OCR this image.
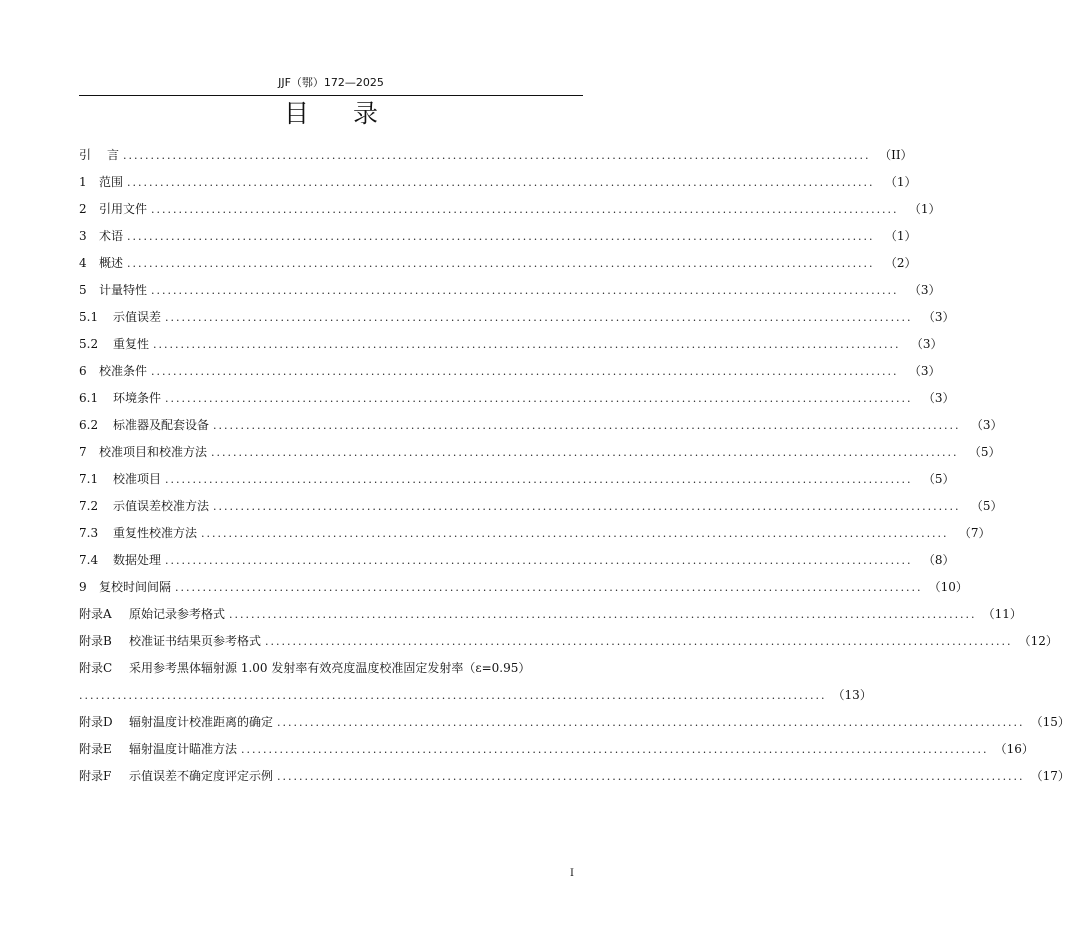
JJF（鄂）172—2025
目录
引 言 ........................................................................................................................................ （II）
1 范围 ........................................................................................................................................ （1）
2 引用文件 ........................................................................................................................................ （1）
3 术语 ........................................................................................................................................ （1）
4 概述 ........................................................................................................................................ （2）
5 计量特性 ........................................................................................................................................ （3）
5.1 示值误差 ........................................................................................................................................ （3）
5.2 重复性 ........................................................................................................................................ （3）
6 校准条件 ........................................................................................................................................ （3）
6.1 环境条件 ........................................................................................................................................ （3）
6.2 标准器及配套设备 ........................................................................................................................................ （3）
7 校准项目和校准方法 ........................................................................................................................................ （5）
7.1 校准项目 ........................................................................................................................................ （5）
7.2 示值误差校准方法 ........................................................................................................................................ （5）
7.3 重复性校准方法 ........................................................................................................................................ （7）
7.4 数据处理 ........................................................................................................................................ （8）
9 复校时间间隔 ........................................................................................................................................ （10）
附录A 原始记录参考格式 ........................................................................................................................................ （11）
附录B 校准证书结果页参考格式 ........................................................................................................................................ （12）
附录C 采用参考黑体辐射源 1.00 发射率有效亮度温度校准固定发射率（ε=0.95）
........................................................................................................................................ （13）
附录D 辐射温度计校准距离的确定 ........................................................................................................................................ （15）
附录E 辐射温度计瞄准方法 ........................................................................................................................................ （16）
附录F 示值误差不确定度评定示例 ........................................................................................................................................ （17）
I
